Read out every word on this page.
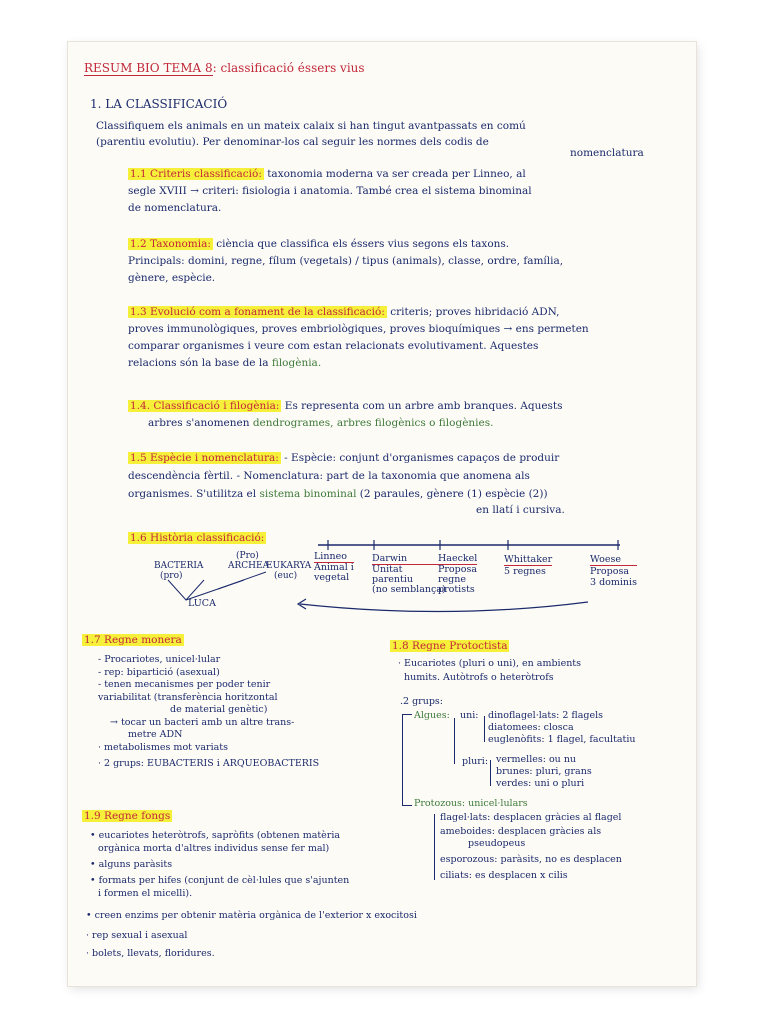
RESUM BIO TEMA 8: classificació éssers vius
1. LA CLASSIFICACIÓ
Classifiquem els animals en un mateix calaix si han tingut avantpassats en comú
(parentiu evolutiu). Per denominar-los cal seguir les normes dels codis de
nomenclatura
1.1 Criteris classificació: taxonomia moderna va ser creada per Linneo, al
segle XVIII → criteri: fisiologia i anatomia. També crea el sistema binominal
de nomenclatura.
1.2 Taxonomia: ciència que classifica els éssers vius segons els taxons.
Principals: domini, regne, fílum (vegetals) / tipus (animals), classe, ordre, família,
gènere, espècie.
1.3 Evolució com a fonament de la classificació: criteris; proves hibridació ADN,
proves immunològiques, proves embriològiques, proves bioquímiques → ens permeten
comparar organismes i veure com estan relacionats evolutivament. Aquestes
relacions són la base de la filogènia.
1.4. Classificació i filogènia: Es representa com un arbre amb branques. Aquests
arbres s'anomenen dendrogrames, arbres filogènics o filogènies.
1.5 Espècie i nomenclatura: - Espècie: conjunt d'organismes capaços de produir
descendència fèrtil. - Nomenclatura: part de la taxonomia que anomena als
organismes. S'utilitza el sistema binominal (2 paraules, gènere (1) espècie (2))
en llatí i cursiva.
1.6 Història classificació:
(Pro)
BACTERIA
(pro)
ARCHEA
EUKARYA
(euc)
LUCA
Linneo
Animal i
vegetal
Darwin
Unitat
parentiu
(no semblança)
Haeckel
Proposa
regne
protists
Whittaker
5 regnes
Woese
Proposa
3 dominis
1.7 Regne monera
- Procariotes, unicel·lular
- rep: bipartició (asexual)
- tenen mecanismes per poder tenir
variabilitat (transferència horitzontal
de material genètic)
→ tocar un bacteri amb un altre trans-
metre ADN
· metabolismes mot variats
· 2 grups: EUBACTERIS i ARQUEOBACTERIS
1.8 Regne Protoctista
· Eucariotes (pluri o uni), en ambients
humits. Autòtrofs o heteròtrofs
.2 grups:
Algues: uni: dinoflagel·lats: 2 flagels
diatomees: closca
euglenòfits: 1 flagel, facultatiu
pluri: vermelles: ou nu
brunes: pluri, grans
verdes: uni o pluri
Protozous: unicel·lulars
flagel·lats: desplacen gràcies al flagel
ameboides: desplacen gràcies als
pseudopeus
esporozous: paràsits, no es desplacen
ciliats: es desplacen x cilis
1.9 Regne fongs
• eucariotes heteròtrofs, sapròfits (obtenen matèria
orgànica morta d'altres individus sense fer mal)
• alguns paràsits
• formats per hifes (conjunt de cèl·lules que s'ajunten
i formen el micelli).
• creen enzims per obtenir matèria orgànica de l'exterior x exocitosi
· rep sexual i asexual
· bolets, llevats, floridures.
